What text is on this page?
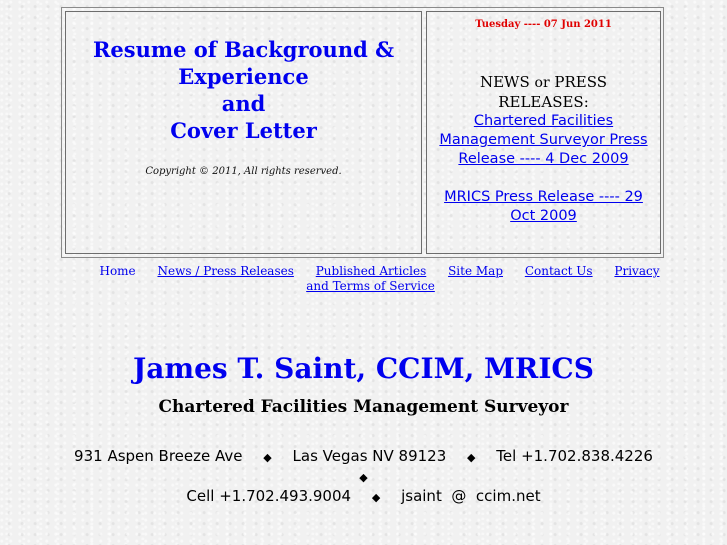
Resume of Background &
Experience
and
Cover Letter
Copyright © 2011, All rights reserved.
Tuesday ---- 07 Jun 2011
NEWS or PRESS
RELEASES:
Chartered Facilities Management Surveyor Press Release ---- 4 Dec 2009
MRICS Press Release ---- 29 Oct 2009
Home News / Press Releases Published Articles Site Map Contact Us Privacy and Terms of Service
James T. Saint, CCIM, MRICS
Chartered Facilities Management Surveyor
931 Aspen Breeze Ave ◆ Las Vegas NV 89123 ◆ Tel +1.702.838.4226 ◆
Cell +1.702.493.9004 ◆ jsaint @ ccim.net
